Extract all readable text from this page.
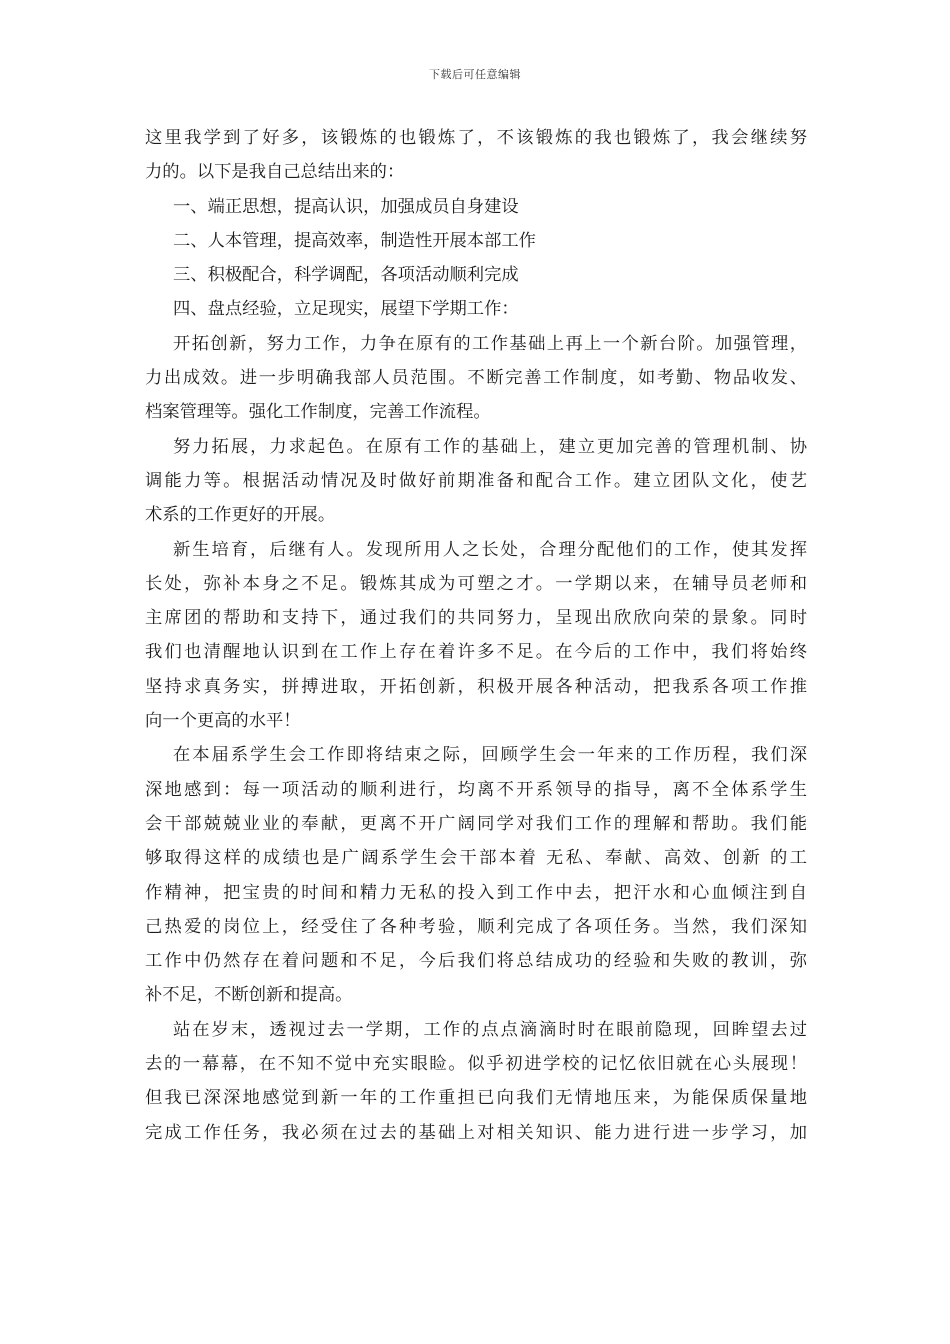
下载后可任意编辑
这里我学到了好多，该锻炼的也锻炼了，不该锻炼的我也锻炼了，我会继续努
力的。以下是我自己总结出来的：
一、端正思想，提高认识，加强成员自身建设
二、人本管理，提高效率，制造性开展本部工作
三、积极配合，科学调配，各项活动顺利完成
四、盘点经验，立足现实，展望下学期工作：
开拓创新，努力工作，力争在原有的工作基础上再上一个新台阶。加强管理，
力出成效。进一步明确我部人员范围。不断完善工作制度，如考勤、物品收发、
档案管理等。强化工作制度，完善工作流程。
努力拓展，力求起色。在原有工作的基础上，建立更加完善的管理机制、协
调能力等。根据活动情况及时做好前期准备和配合工作。建立团队文化，使艺
术系的工作更好的开展。
新生培育，后继有人。发现所用人之长处，合理分配他们的工作，使其发挥
长处，弥补本身之不足。锻炼其成为可塑之才。一学期以来，在辅导员老师和
主席团的帮助和支持下，通过我们的共同努力，呈现出欣欣向荣的景象。同时
我们也清醒地认识到在工作上存在着许多不足。在今后的工作中，我们将始终
坚持求真务实，拼搏进取，开拓创新，积极开展各种活动，把我系各项工作推
向一个更高的水平！
在本届系学生会工作即将结束之际，回顾学生会一年来的工作历程，我们深
深地感到：每一项活动的顺利进行，均离不开系领导的指导，离不全体系学生
会干部兢兢业业的奉献，更离不开广阔同学对我们工作的理解和帮助。我们能
够取得这样的成绩也是广阔系学生会干部本着 无私、奉献、高效、创新 的工
作精神，把宝贵的时间和精力无私的投入到工作中去，把汗水和心血倾注到自
己热爱的岗位上，经受住了各种考验，顺利完成了各项任务。当然，我们深知
工作中仍然存在着问题和不足，今后我们将总结成功的经验和失败的教训，弥
补不足，不断创新和提高。
站在岁末，透视过去一学期，工作的点点滴滴时时在眼前隐现，回眸望去过
去的一幕幕，在不知不觉中充实眼睑。似乎初进学校的记忆依旧就在心头展现！
但我已深深地感觉到新一年的工作重担已向我们无情地压来，为能保质保量地
完成工作任务，我必须在过去的基础上对相关知识、能力进行进一步学习，加
